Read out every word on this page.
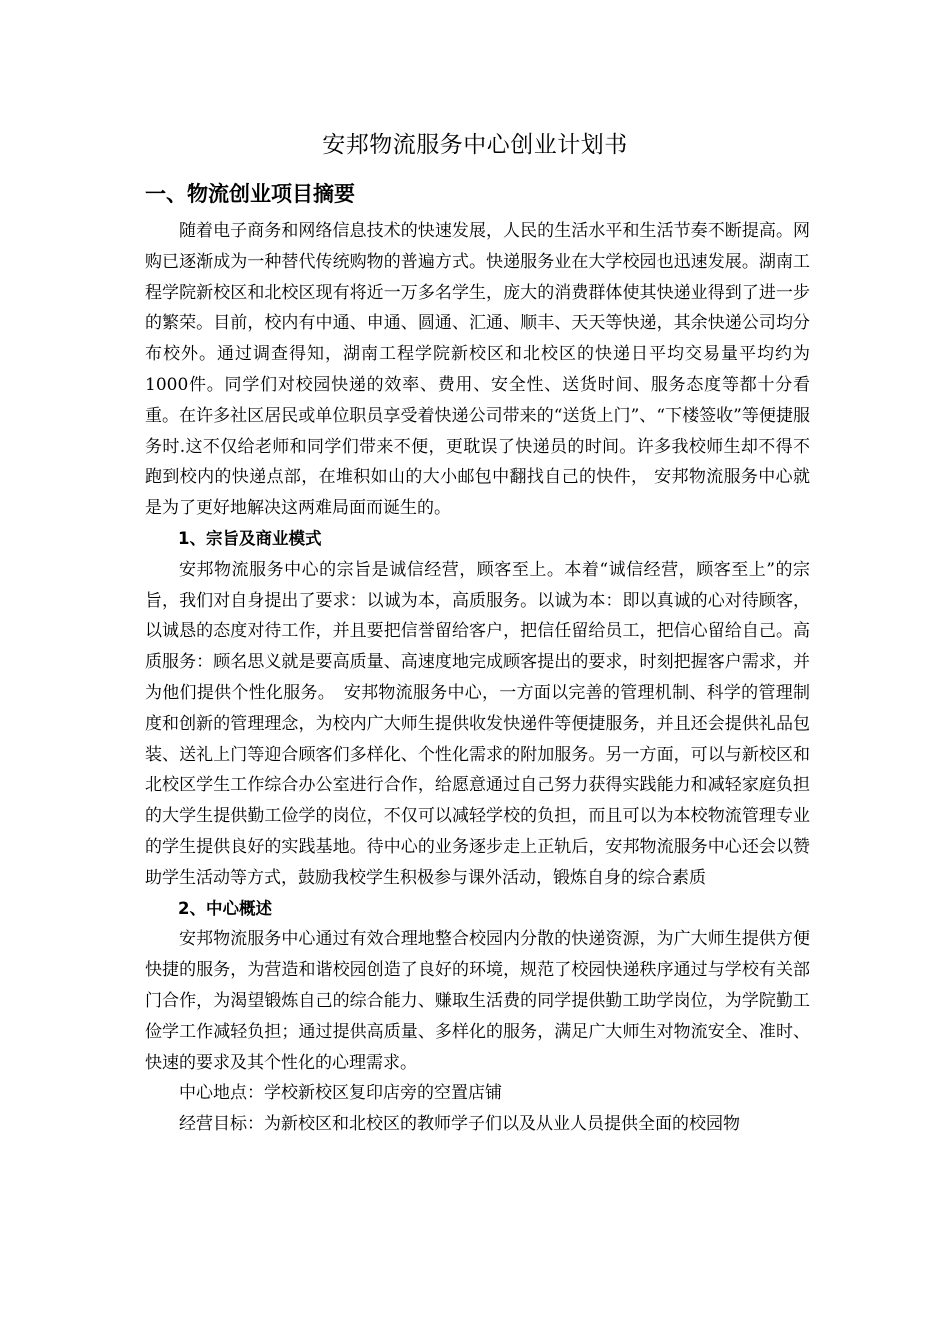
安邦物流服务中心创业计划书
一、物流创业项目摘要

随着电子商务和网络信息技术的快速发展，人民的生活水平和生活节奏不断提高。网购已逐渐成为一种替代传统购物的普遍方式。快递服务业在大学校园也迅速发展。湖南工程学院新校区和北校区现有将近一万多名学生，庞大的消费群体使其快递业得到了进一步的繁荣。目前，校内有中通、申通、圆通、汇通、顺丰、天天等快递，其余快递公司均分布校外。通过调查得知，湖南工程学院新校区和北校区的快递日平均交易量平均约为1000件。同学们对校园快递的效率、费用、安全性、送货时间、服务态度等都十分看重。在许多社区居民或单位职员享受着快递公司带来的“送货上门”、“下楼签收”等便捷服务时.这不仅给老师和同学们带来不便，更耽误了快递员的时间。许多我校师生却不得不跑到校内的快递点部，在堆积如山的大小邮包中翻找自己的快件， 安邦物流服务中心就是为了更好地解决这两难局面而诞生的。

1、宗旨及商业模式

安邦物流服务中心的宗旨是诚信经营，顾客至上。本着“诚信经营，顾客至上”的宗旨，我们对自身提出了要求：以诚为本，高质服务。以诚为本：即以真诚的心对待顾客，以诚恳的态度对待工作，并且要把信誉留给客户，把信任留给员工，把信心留给自己。高质服务：顾名思义就是要高质量、高速度地完成顾客提出的要求，时刻把握客户需求，并为他们提供个性化服务。　安邦物流服务中心，一方面以完善的管理机制、科学的管理制度和创新的管理理念，为校内广大师生提供收发快递件等便捷服务，并且还会提供礼品包装、送礼上门等迎合顾客们多样化、个性化需求的附加服务。另一方面，可以与新校区和北校区学生工作综合办公室进行合作，给愿意通过自己努力获得实践能力和减轻家庭负担的大学生提供勤工俭学的岗位，不仅可以减轻学校的负担，而且可以为本校物流管理专业的学生提供良好的实践基地。待中心的业务逐步走上正轨后，安邦物流服务中心还会以赞助学生活动等方式，鼓励我校学生积极参与课外活动，锻炼自身的综合素质

2、中心概述

安邦物流服务中心通过有效合理地整合校园内分散的快递资源，为广大师生提供方便快捷的服务，为营造和谐校园创造了良好的环境，规范了校园快递秩序通过与学校有关部门合作，为渴望锻炼自己的综合能力、赚取生活费的同学提供勤工助学岗位，为学院勤工俭学工作减轻负担；通过提供高质量、多样化的服务，满足广大师生对物流安全、准时、快速的要求及其个性化的心理需求。

中心地点：学校新校区复印店旁的空置店铺

经营目标：为新校区和北校区的教师学子们以及从业人员提供全面的校园物
